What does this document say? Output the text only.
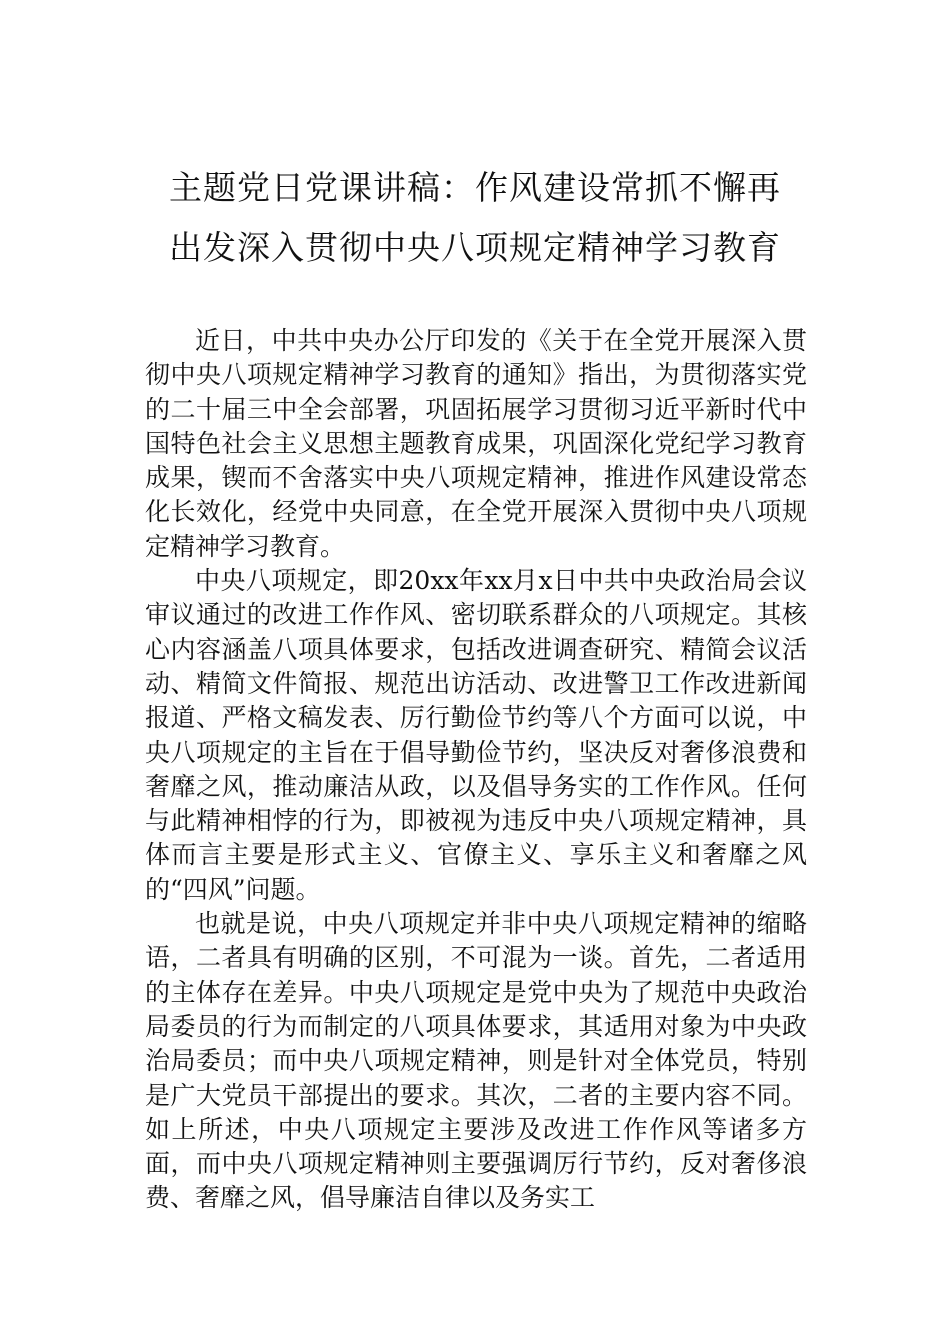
主题党日党课讲稿：作风建设常抓不懈再
出发深入贯彻中央八项规定精神学习教育

近日，中共中央办公厅印发的《关于在全党开展深入贯彻中央八项规定精神学习教育的通知》指出，为贯彻落实党的二十届三中全会部署，巩固拓展学习贯彻习近平新时代中国特色社会主义思想主题教育成果，巩固深化党纪学习教育成果，锲而不舍落实中央八项规定精神，推进作风建设常态化长效化，经党中央同意，在全党开展深入贯彻中央八项规定精神学习教育。

中央八项规定，即20xx年xx月x日中共中央政治局会议审议通过的改进工作作风、密切联系群众的八项规定。其核心内容涵盖八项具体要求，包括改进调查研究、精简会议活动、精简文件简报、规范出访活动、改进警卫工作改进新闻报道、严格文稿发表、厉行勤俭节约等八个方面可以说，中央八项规定的主旨在于倡导勤俭节约，坚决反对奢侈浪费和奢靡之风，推动廉洁从政，以及倡导务实的工作作风。任何与此精神相悖的行为，即被视为违反中央八项规定精神，具体而言主要是形式主义、官僚主义、享乐主义和奢靡之风的“四风”问题。

也就是说，中央八项规定并非中央八项规定精神的缩略语，二者具有明确的区别，不可混为一谈。首先，二者适用的主体存在差异。中央八项规定是党中央为了规范中央政治局委员的行为而制定的八项具体要求，其适用对象为中央政治局委员；而中央八项规定精神，则是针对全体党员，特别是广大党员干部提出的要求。其次，二者的主要内容不同。如上所述，中央八项规定主要涉及改进工作作风等诸多方面，而中央八项规定精神则主要强调厉行节约，反对奢侈浪费、奢靡之风，倡导廉洁自律以及务实工
